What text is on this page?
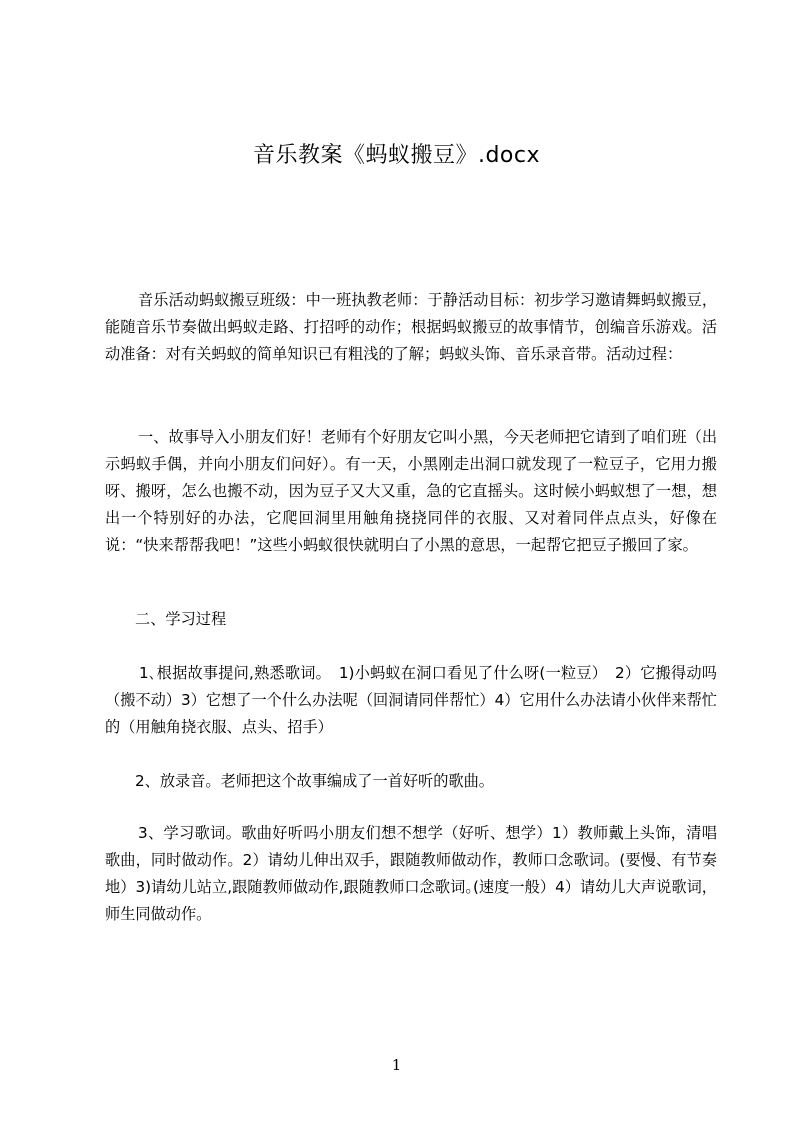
音乐教案《蚂蚁搬豆》.docx

音乐活动蚂蚁搬豆班级：中一班执教老师：于静活动目标：初步学习邀请舞蚂蚁搬豆，能随音乐节奏做出蚂蚁走路、打招呼的动作；根据蚂蚁搬豆的故事情节，创编音乐游戏。活动准备：对有关蚂蚁的简单知识已有粗浅的了解；蚂蚁头饰、音乐录音带。活动过程：

一、故事导入小朋友们好！老师有个好朋友它叫小黑，今天老师把它请到了咱们班（出示蚂蚁手偶，并向小朋友们问好）。有一天，小黑刚走出洞口就发现了一粒豆子，它用力搬呀、搬呀，怎么也搬不动，因为豆子又大又重，急的它直摇头。这时候小蚂蚁想了一想，想出一个特别好的办法，它爬回洞里用触角挠挠同伴的衣服、又对着同伴点点头，好像在说：“快来帮帮我吧！”这些小蚂蚁很快就明白了小黑的意思，一起帮它把豆子搬回了家。

二、学习过程

1､根据故事提问,熟悉歌词。　1)小蚂蚁在洞口看见了什么呀(一粒豆）　2）它搬得动吗（搬不动）3）它想了一个什么办法呢（回洞请同伴帮忙）4）它用什么办法请小伙伴来帮忙的（用触角挠衣服、点头、招手）

2、放录音。老师把这个故事编成了一首好听的歌曲。

3、学习歌词。歌曲好听吗小朋友们想不想学（好听、想学）1）教师戴上头饰，清唱歌曲，同时做动作。2）请幼儿伸出双手，跟随教师做动作，教师口念歌词。(要慢、有节奏地）3)请幼儿站立,跟随教师做动作,跟随教师口念歌词｡(速度一般）4）请幼儿大声说歌词，师生同做动作。

1
